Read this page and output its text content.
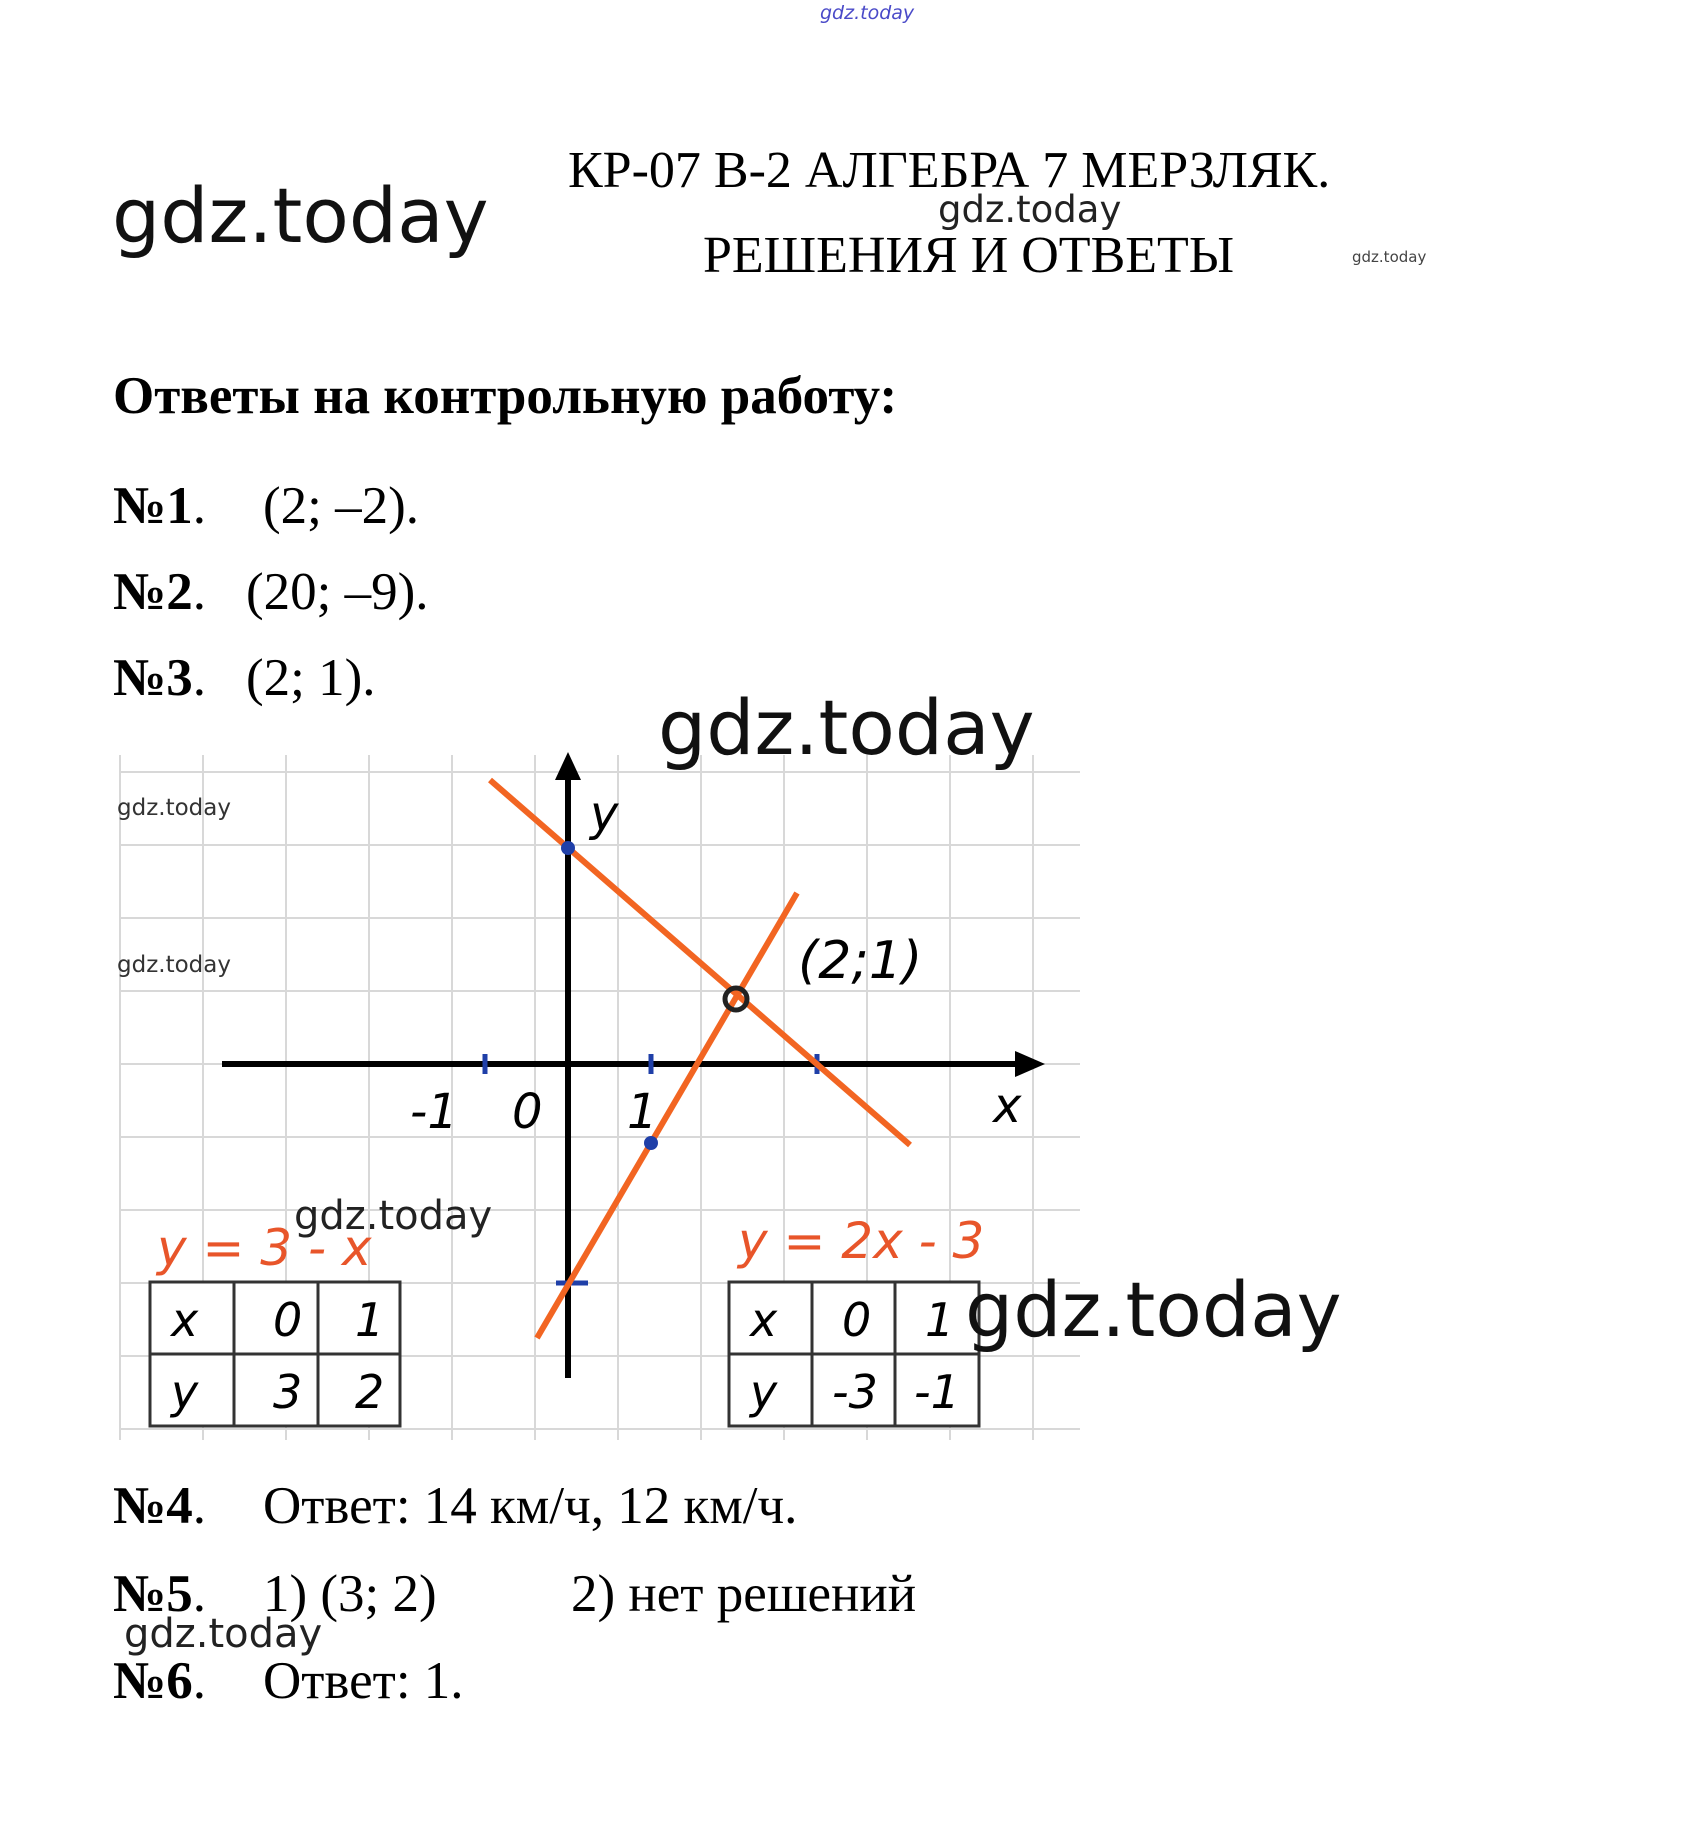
КР-07 В-2 АЛГЕБРА 7 МЕРЗЛЯК.
РЕШЕНИЯ И ОТВЕТЫ
Ответы на контрольную работу:
№1. (2; –2).
№2. (20; –9).
№3. (2; 1).
y
x
-1 0 1
(2;1)
y = 3 - x	y = 2x - 3
x 0 1
y 3 2
x 0 1
y -3 -1
№4. Ответ: 14 км/ч, 12 км/ч.
№5. 1) (3; 2)	2) нет решений
№6. Ответ: 1.
gdz.today
gdz.today	gdz.today
gdz.today
gdz.today
gdz.today
gdz.today
gdz.today
gdz.today
gdz.today
